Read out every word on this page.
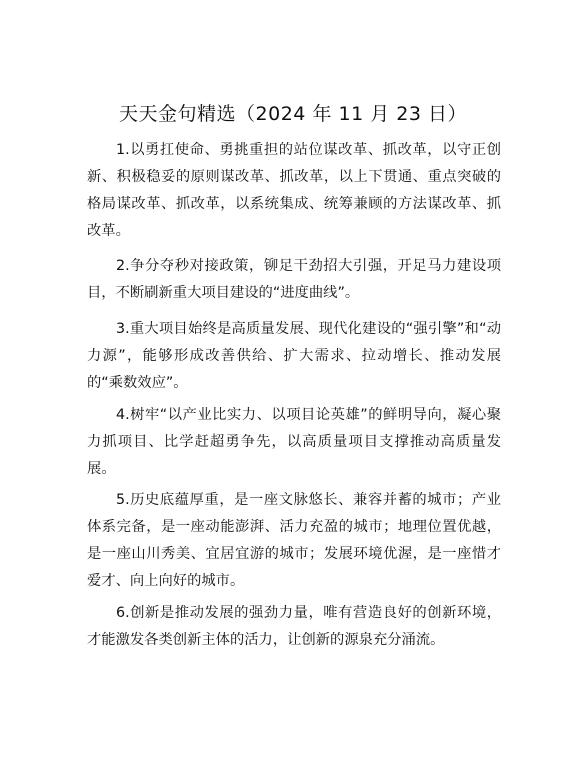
天天金句精选（2024 年 11 月 23 日）

1.以勇扛使命、勇挑重担的站位谋改革、抓改革，以守正创新、积极稳妥的原则谋改革、抓改革，以上下贯通、重点突破的格局谋改革、抓改革，以系统集成、统筹兼顾的方法谋改革、抓改革。

2.争分夺秒对接政策，铆足干劲招大引强，开足马力建设项目，不断刷新重大项目建设的“进度曲线”。

3.重大项目始终是高质量发展、现代化建设的“强引擎”和“动力源”，能够形成改善供给、扩大需求、拉动增长、推动发展的“乘数效应”。

4.树牢“以产业比实力、以项目论英雄”的鲜明导向，凝心聚力抓项目、比学赶超勇争先，以高质量项目支撑推动高质量发展。

5.历史底蕴厚重，是一座文脉悠长、兼容并蓄的城市；产业体系完备，是一座动能澎湃、活力充盈的城市；地理位置优越，是一座山川秀美、宜居宜游的城市；发展环境优渥，是一座惜才爱才、向上向好的城市。

6.创新是推动发展的强劲力量，唯有营造良好的创新环境，才能激发各类创新主体的活力，让创新的源泉充分涌流。
